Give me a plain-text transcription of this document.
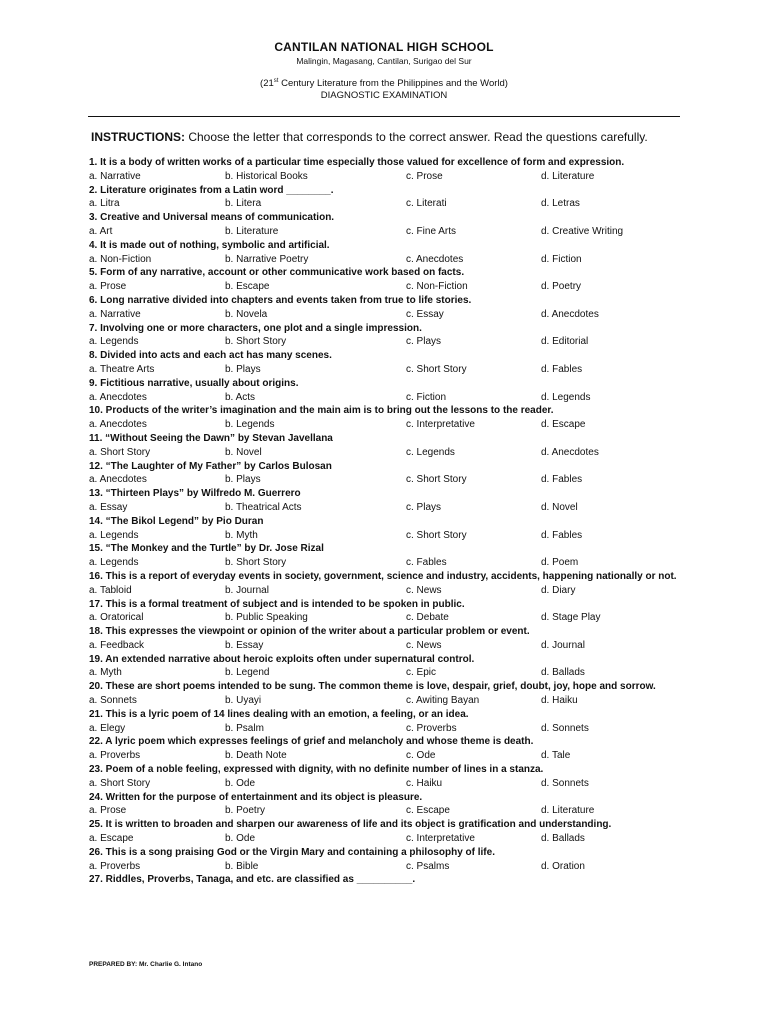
CANTILAN NATIONAL HIGH SCHOOL
Malingin, Magasang, Cantilan, Surigao del Sur
(21st Century Literature from the Philippines and the World)
DIAGNOSTIC EXAMINATION
INSTRUCTIONS: Choose the letter that corresponds to the correct answer. Read the questions carefully.
1. It is a body of written works of a particular time especially those valued for excellence of form and expression.
a. Narrative	b. Historical Books	c. Prose	d. Literature
2. Literature originates from a Latin word ________.
a. Litra	b. Litera	c. Literati	d. Letras
3. Creative and Universal means of communication.
a. Art	b. Literature	c. Fine Arts	d. Creative Writing
4. It is made out of nothing, symbolic and artificial.
a. Non-Fiction	b. Narrative Poetry	c. Anecdotes	d. Fiction
5. Form of any narrative, account or other communicative work based on facts.
a. Prose	b. Escape	c. Non-Fiction	d. Poetry
6. Long narrative divided into chapters and events taken from true to life stories.
a. Narrative	b. Novela	c. Essay	d. Anecdotes
7. Involving one or more characters, one plot and a single impression.
a. Legends	b. Short Story	c. Plays	d. Editorial
8. Divided into acts and each act has many scenes.
a. Theatre Arts	b. Plays	c. Short Story	d. Fables
9. Fictitious narrative, usually about origins.
a. Anecdotes	b. Acts	c. Fiction	d. Legends
10. Products of the writer’s imagination and the main aim is to bring out the lessons to the reader.
a. Anecdotes	b. Legends	c. Interpretative	d. Escape
11. “Without Seeing the Dawn” by Stevan Javellana
a. Short Story	b. Novel	c. Legends	d. Anecdotes
12. “The Laughter of My Father” by Carlos Bulosan
a. Anecdotes	b. Plays	c. Short Story	d. Fables
13. “Thirteen Plays” by Wilfredo M. Guerrero
a. Essay	b. Theatrical Acts	c. Plays	d. Novel
14. “The Bikol Legend” by Pio Duran
a. Legends	b. Myth	c. Short Story	d. Fables
15. “The Monkey and the Turtle” by Dr. Jose Rizal
a. Legends	b. Short Story	c. Fables	d. Poem
16. This is a report of everyday events in society, government, science and industry, accidents, happening nationally or not.
a. Tabloid	b. Journal	c. News	d. Diary
17. This is a formal treatment of subject and is intended to be spoken in public.
a. Oratorical	b. Public Speaking	c. Debate	d. Stage Play
18. This expresses the viewpoint or opinion of the writer about a particular problem or event.
a. Feedback	b. Essay	c. News	d. Journal
19. An extended narrative about heroic exploits often under supernatural control.
a. Myth	b. Legend	c. Epic	d. Ballads
20. These are short poems intended to be sung. The common theme is love, despair, grief, doubt, joy, hope and sorrow.
a. Sonnets	b. Uyayi	c. Awiting Bayan	d. Haiku
21. This is a lyric poem of 14 lines dealing with an emotion, a feeling, or an idea.
a. Elegy	b. Psalm	c. Proverbs	d. Sonnets
22. A lyric poem which expresses feelings of grief and melancholy and whose theme is death.
a. Proverbs	b. Death Note	c. Ode	d. Tale
23. Poem of a noble feeling, expressed with dignity, with no definite number of lines in a stanza.
a. Short Story	b. Ode	c. Haiku	d. Sonnets
24. Written for the purpose of entertainment and its object is pleasure.
a. Prose	b. Poetry	c. Escape	d. Literature
25. It is written to broaden and sharpen our awareness of life and its object is gratification and understanding.
a. Escape	b. Ode	c. Interpretative	d. Ballads
26. This is a song praising God or the Virgin Mary and containing a philosophy of life.
a. Proverbs	b. Bible	c. Psalms	d. Oration
27. Riddles, Proverbs, Tanaga, and etc. are classified as __________.
PREPARED BY: Mr. Charlie G. Intano
